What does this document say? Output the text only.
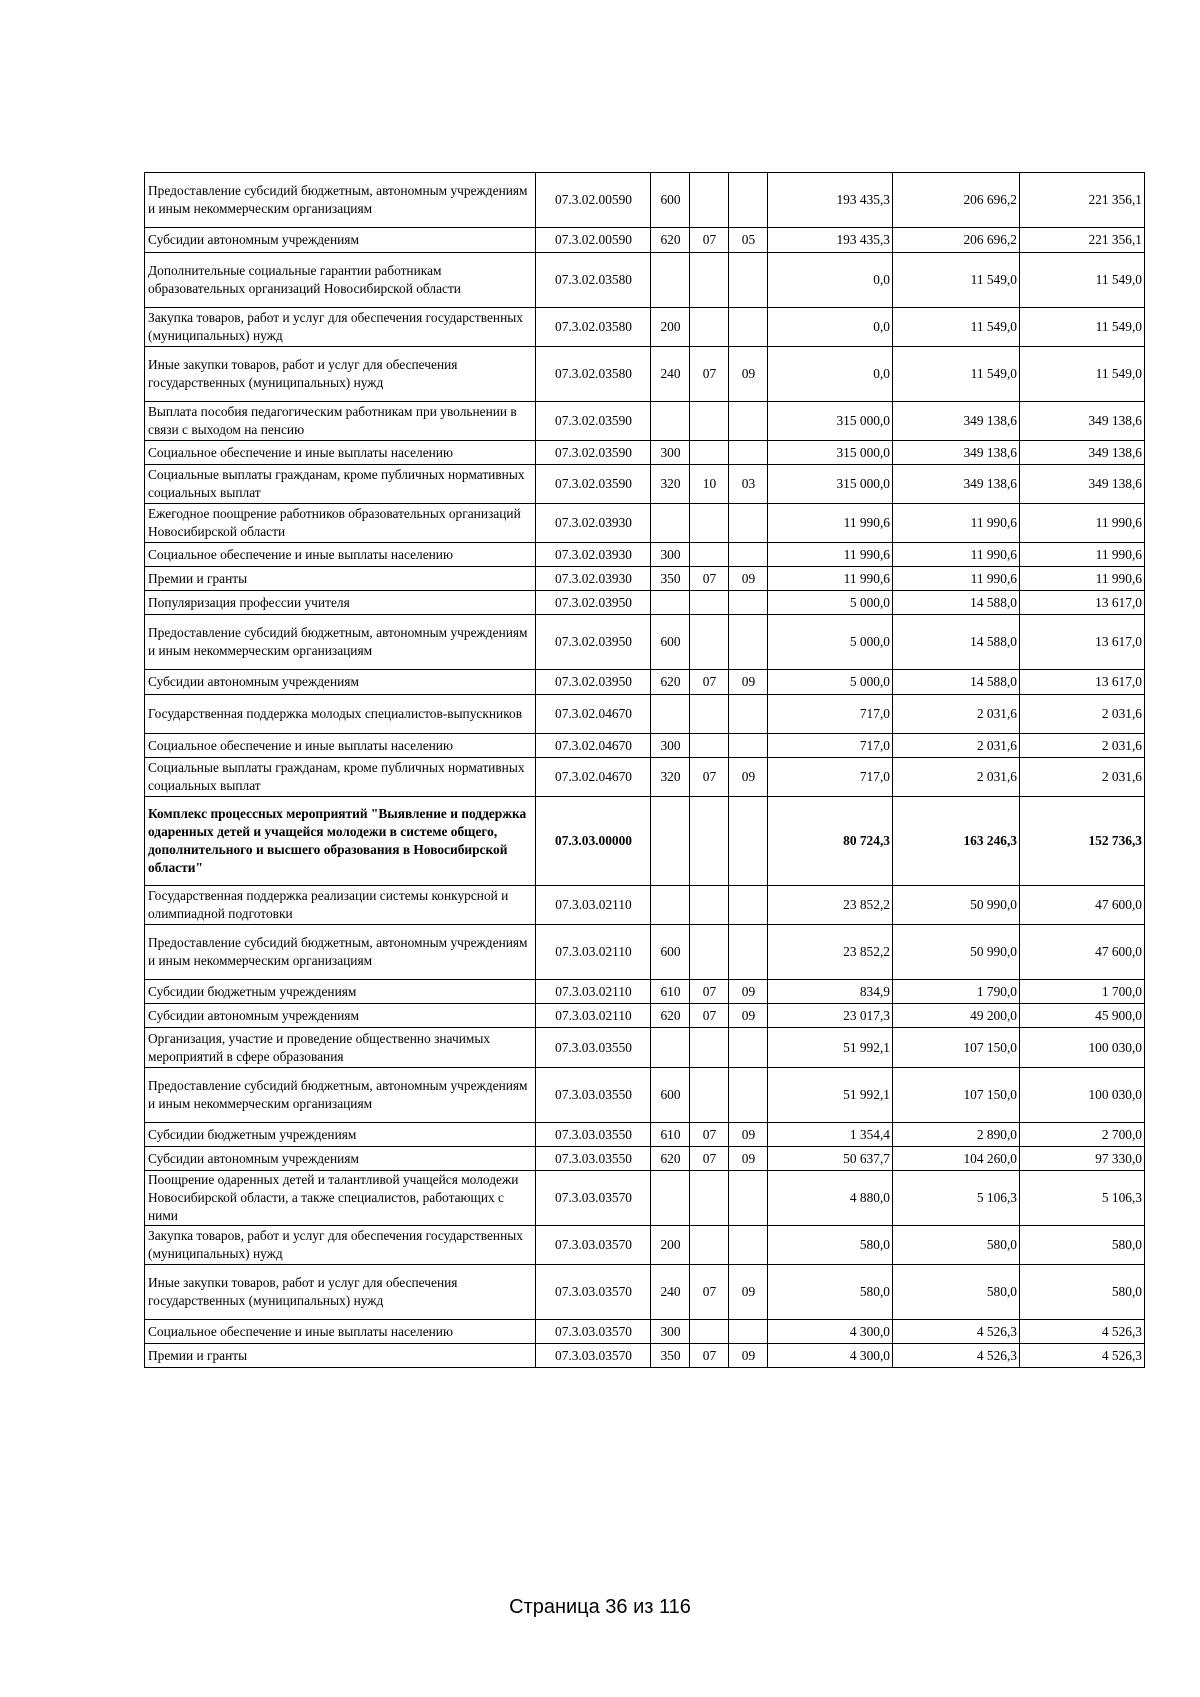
Предоставление субсидий бюджетным, автономным учреждениям и иным некоммерческим организациям	07.3.02.00590	600			193 435,3	206 696,2	221 356,1
Субсидии автономным учреждениям	07.3.02.00590	620	07	05	193 435,3	206 696,2	221 356,1
Дополнительные социальные гарантии работникам образовательных организаций Новосибирской области	07.3.02.03580				0,0	11 549,0	11 549,0
Закупка товаров, работ и услуг для обеспечения государственных (муниципальных) нужд	07.3.02.03580	200			0,0	11 549,0	11 549,0
Иные закупки товаров, работ и услуг для обеспечения государственных (муниципальных) нужд	07.3.02.03580	240	07	09	0,0	11 549,0	11 549,0
Выплата пособия педагогическим работникам при увольнении в связи с выходом на пенсию	07.3.02.03590				315 000,0	349 138,6	349 138,6
Социальное обеспечение и иные выплаты населению	07.3.02.03590	300			315 000,0	349 138,6	349 138,6
Социальные выплаты гражданам, кроме публичных нормативных социальных выплат	07.3.02.03590	320	10	03	315 000,0	349 138,6	349 138,6
Ежегодное поощрение работников образовательных организаций Новосибирской области	07.3.02.03930				11 990,6	11 990,6	11 990,6
Социальное обеспечение и иные выплаты населению	07.3.02.03930	300			11 990,6	11 990,6	11 990,6
Премии и гранты	07.3.02.03930	350	07	09	11 990,6	11 990,6	11 990,6
Популяризация профессии учителя	07.3.02.03950				5 000,0	14 588,0	13 617,0
Предоставление субсидий бюджетным, автономным учреждениям и иным некоммерческим организациям	07.3.02.03950	600			5 000,0	14 588,0	13 617,0
Субсидии автономным учреждениям	07.3.02.03950	620	07	09	5 000,0	14 588,0	13 617,0
Государственная поддержка молодых специалистов-выпускников	07.3.02.04670				717,0	2 031,6	2 031,6
Социальное обеспечение и иные выплаты населению	07.3.02.04670	300			717,0	2 031,6	2 031,6
Социальные выплаты гражданам, кроме публичных нормативных социальных выплат	07.3.02.04670	320	07	09	717,0	2 031,6	2 031,6
Комплекс процессных мероприятий "Выявление и поддержка одаренных детей и учащейся молодежи в системе общего, дополнительного и высшего образования в Новосибирской области"	07.3.03.00000				80 724,3	163 246,3	152 736,3
Государственная поддержка реализации системы конкурсной и олимпиадной подготовки	07.3.03.02110				23 852,2	50 990,0	47 600,0
Предоставление субсидий бюджетным, автономным учреждениям и иным некоммерческим организациям	07.3.03.02110	600			23 852,2	50 990,0	47 600,0
Субсидии бюджетным учреждениям	07.3.03.02110	610	07	09	834,9	1 790,0	1 700,0
Субсидии автономным учреждениям	07.3.03.02110	620	07	09	23 017,3	49 200,0	45 900,0
Организация, участие и проведение общественно значимых мероприятий в сфере образования	07.3.03.03550				51 992,1	107 150,0	100 030,0
Предоставление субсидий бюджетным, автономным учреждениям и иным некоммерческим организациям	07.3.03.03550	600			51 992,1	107 150,0	100 030,0
Субсидии бюджетным учреждениям	07.3.03.03550	610	07	09	1 354,4	2 890,0	2 700,0
Субсидии автономным учреждениям	07.3.03.03550	620	07	09	50 637,7	104 260,0	97 330,0
Поощрение одаренных детей и талантливой учащейся молодежи Новосибирской области, а также специалистов, работающих с ними	07.3.03.03570				4 880,0	5 106,3	5 106,3
Закупка товаров, работ и услуг для обеспечения государственных (муниципальных) нужд	07.3.03.03570	200			580,0	580,0	580,0
Иные закупки товаров, работ и услуг для обеспечения государственных (муниципальных) нужд	07.3.03.03570	240	07	09	580,0	580,0	580,0
Социальное обеспечение и иные выплаты населению	07.3.03.03570	300			4 300,0	4 526,3	4 526,3
Премии и гранты	07.3.03.03570	350	07	09	4 300,0	4 526,3	4 526,3
Страница 36 из 116
